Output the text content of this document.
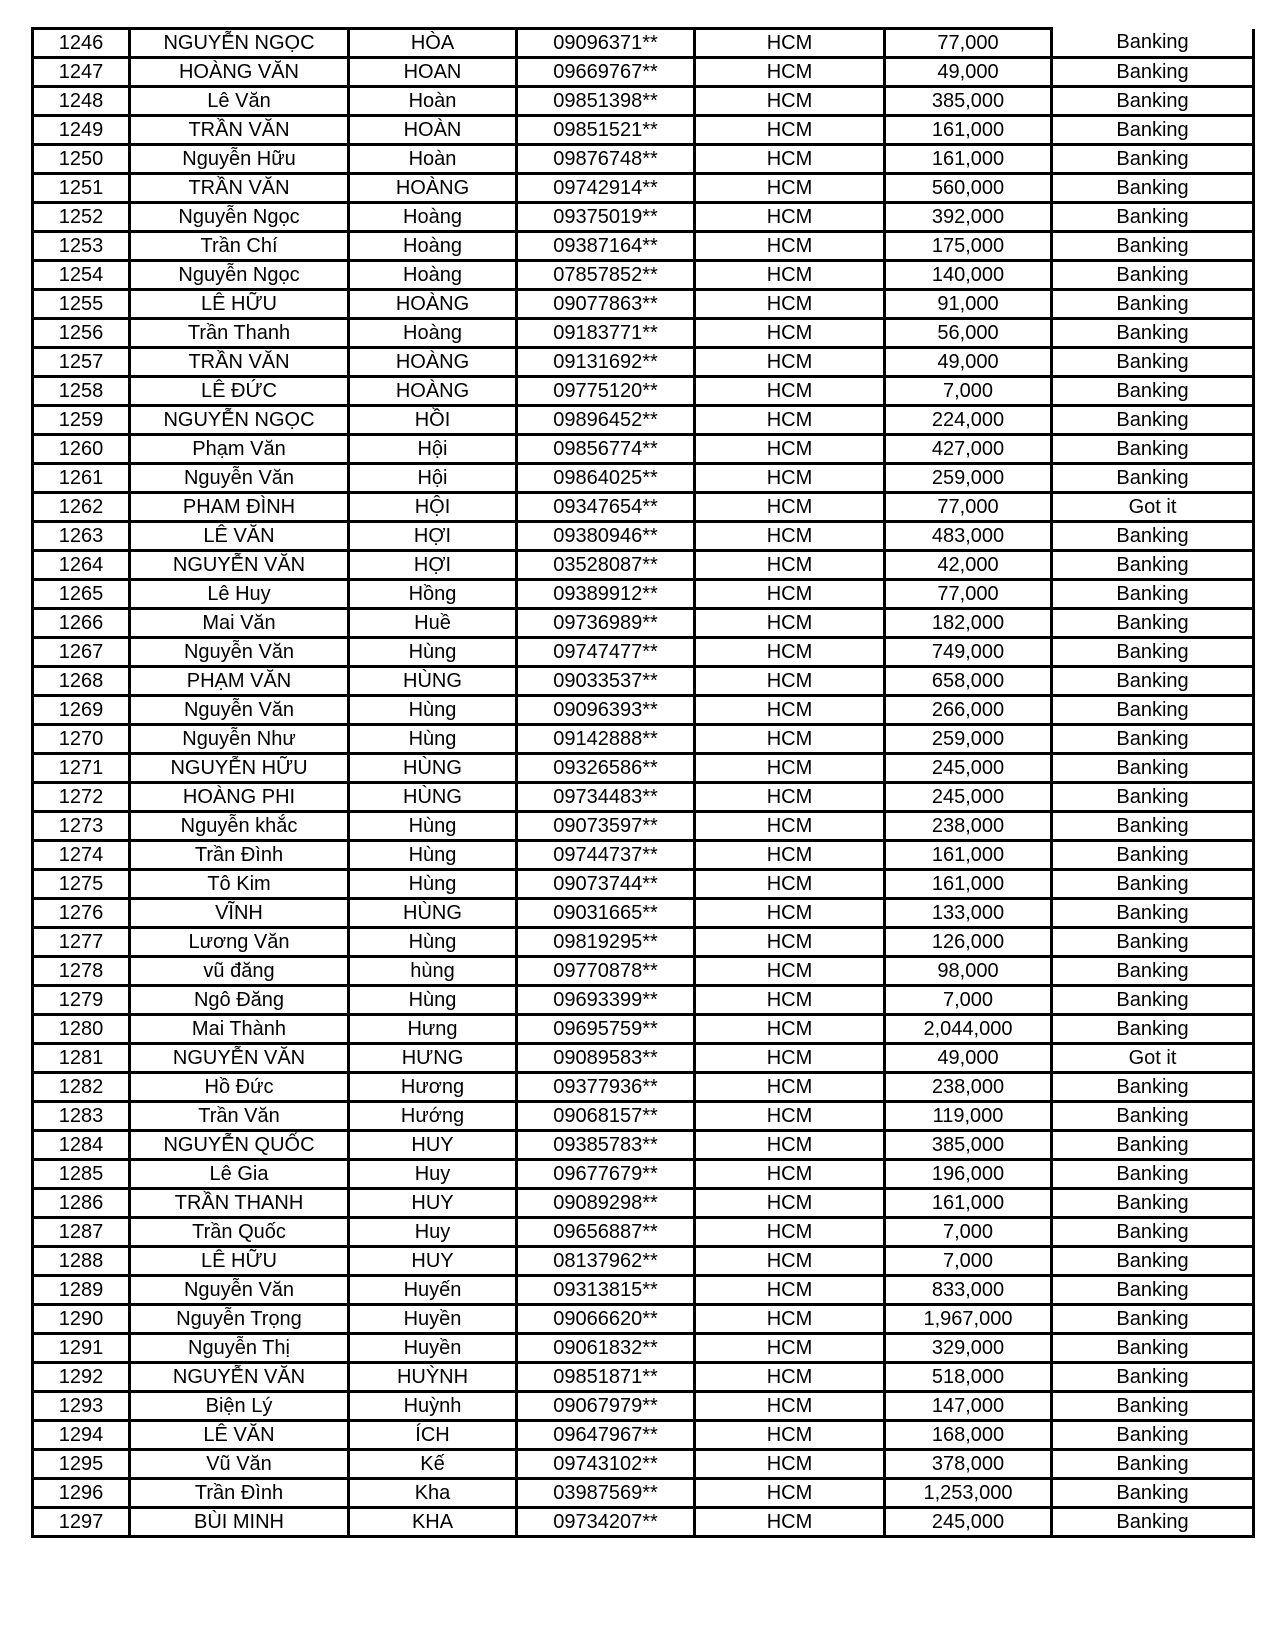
1246	NGUYỄN NGỌC	HÒA	09096371**	HCM	77,000	Banking
1247	HOÀNG VĂN	HOAN	09669767**	HCM	49,000	Banking
1248	Lê Văn	Hoàn	09851398**	HCM	385,000	Banking
1249	TRẦN VĂN	HOÀN	09851521**	HCM	161,000	Banking
1250	Nguyễn Hữu	Hoàn	09876748**	HCM	161,000	Banking
1251	TRẦN VĂN	HOÀNG	09742914**	HCM	560,000	Banking
1252	Nguyễn Ngọc	Hoàng	09375019**	HCM	392,000	Banking
1253	Trần Chí	Hoàng	09387164**	HCM	175,000	Banking
1254	Nguyễn Ngọc	Hoàng	07857852**	HCM	140,000	Banking
1255	LÊ HỮU	HOÀNG	09077863**	HCM	91,000	Banking
1256	Trần Thanh	Hoàng	09183771**	HCM	56,000	Banking
1257	TRẦN VĂN	HOÀNG	09131692**	HCM	49,000	Banking
1258	LÊ ĐỨC	HOÀNG	09775120**	HCM	7,000	Banking
1259	NGUYỄN NGỌC	HỒI	09896452**	HCM	224,000	Banking
1260	Phạm Văn	Hội	09856774**	HCM	427,000	Banking
1261	Nguyễn Văn	Hội	09864025**	HCM	259,000	Banking
1262	PHAM ĐÌNH	HỘI	09347654**	HCM	77,000	Got it
1263	LÊ VĂN	HỢI	09380946**	HCM	483,000	Banking
1264	NGUYỄN VĂN	HỢI	03528087**	HCM	42,000	Banking
1265	Lê Huy	Hồng	09389912**	HCM	77,000	Banking
1266	Mai Văn	Huề	09736989**	HCM	182,000	Banking
1267	Nguyễn Văn	Hùng	09747477**	HCM	749,000	Banking
1268	PHẠM VĂN	HÙNG	09033537**	HCM	658,000	Banking
1269	Nguyễn Văn	Hùng	09096393**	HCM	266,000	Banking
1270	Nguyễn Như	Hùng	09142888**	HCM	259,000	Banking
1271	NGUYỄN HỮU	HÙNG	09326586**	HCM	245,000	Banking
1272	HOÀNG PHI	HÙNG	09734483**	HCM	245,000	Banking
1273	Nguyễn khắc	Hùng	09073597**	HCM	238,000	Banking
1274	Trần Đình	Hùng	09744737**	HCM	161,000	Banking
1275	Tô Kim	Hùng	09073744**	HCM	161,000	Banking
1276	VĨNH	HÙNG	09031665**	HCM	133,000	Banking
1277	Lương Văn	Hùng	09819295**	HCM	126,000	Banking
1278	vũ đăng	hùng	09770878**	HCM	98,000	Banking
1279	Ngô Đăng	Hùng	09693399**	HCM	7,000	Banking
1280	Mai Thành	Hưng	09695759**	HCM	2,044,000	Banking
1281	NGUYỄN VĂN	HƯNG	09089583**	HCM	49,000	Got it
1282	Hồ Đức	Hương	09377936**	HCM	238,000	Banking
1283	Trần Văn	Hướng	09068157**	HCM	119,000	Banking
1284	NGUYỄN QUỐC	HUY	09385783**	HCM	385,000	Banking
1285	Lê Gia	Huy	09677679**	HCM	196,000	Banking
1286	TRẦN THANH	HUY	09089298**	HCM	161,000	Banking
1287	Trần Quốc	Huy	09656887**	HCM	7,000	Banking
1288	LÊ HỮU	HUY	08137962**	HCM	7,000	Banking
1289	Nguyễn Văn	Huyến	09313815**	HCM	833,000	Banking
1290	Nguyễn Trọng	Huyền	09066620**	HCM	1,967,000	Banking
1291	Nguyễn Thị	Huyền	09061832**	HCM	329,000	Banking
1292	NGUYỄN VĂN	HUỲNH	09851871**	HCM	518,000	Banking
1293	Biện Lý	Huỳnh	09067979**	HCM	147,000	Banking
1294	LÊ VĂN	ÍCH	09647967**	HCM	168,000	Banking
1295	Vũ Văn	Kế	09743102**	HCM	378,000	Banking
1296	Trần Đình	Kha	03987569**	HCM	1,253,000	Banking
1297	BÙI MINH	KHA	09734207**	HCM	245,000	Banking
